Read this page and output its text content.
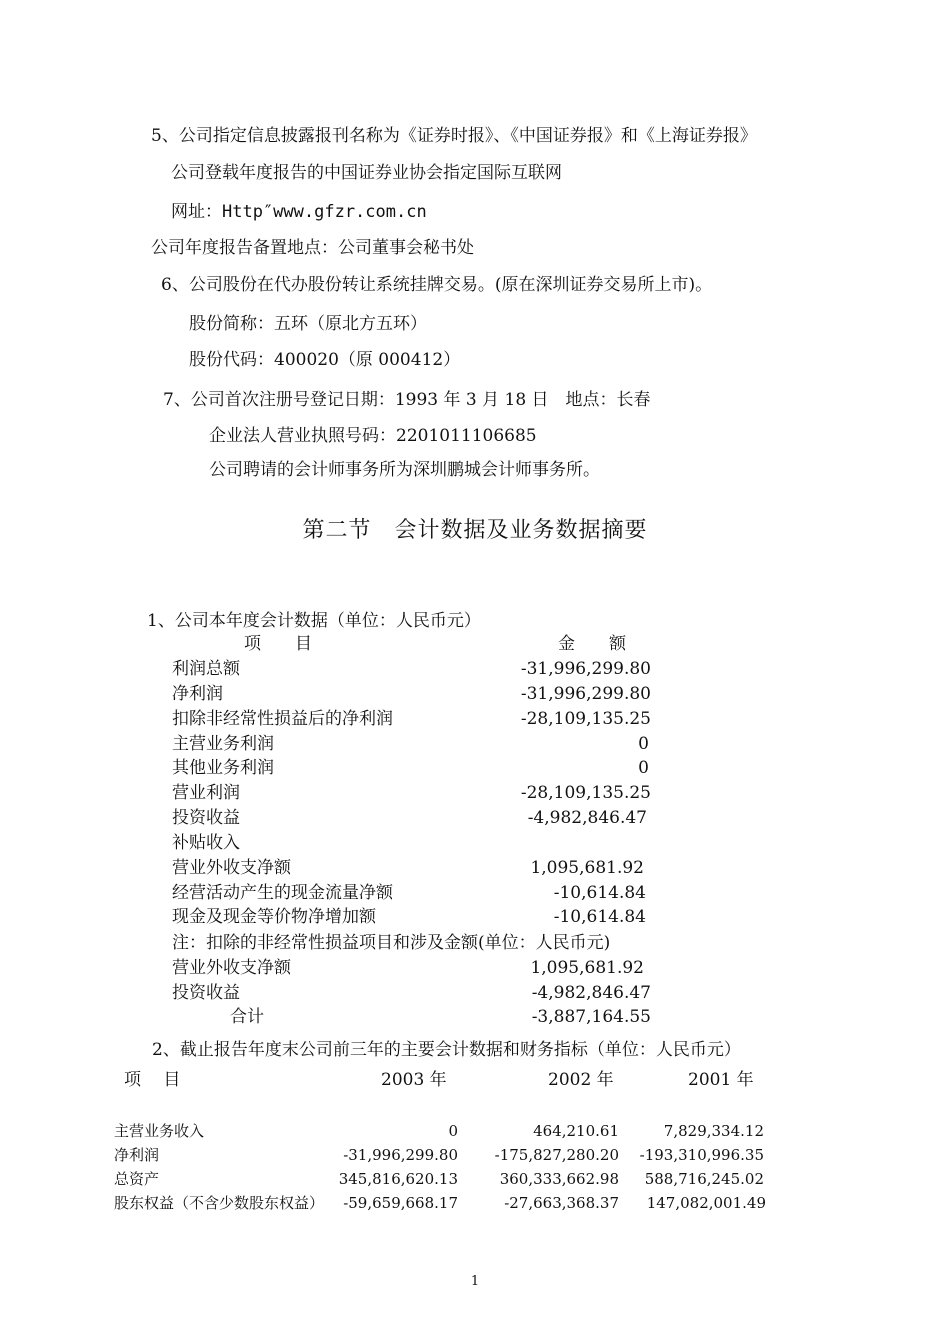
5、公司指定信息披露报刊名称为《证券时报》、《中国证券报》和《上海证券报》
公司登载年度报告的中国证券业协会指定国际互联网
网址：Http″www.gfzr.com.cn
公司年度报告备置地点：公司董事会秘书处
6、公司股份在代办股份转让系统挂牌交易。(原在深圳证券交易所上市)。
股份简称：五环（原北方五环）
股份代码：400020（原 000412）
7、公司首次注册号登记日期：1993 年 3 月 18 日　地点：长春
企业法人营业执照号码：2201011106685
公司聘请的会计师事务所为深圳鹏城会计师事务所。
第二节　会计数据及业务数据摘要
1、公司本年度会计数据（单位：人民币元）
项　　目	金　　额
利润总额	-31,996,299.80
净利润	-31,996,299.80
扣除非经常性损益后的净利润	-28,109,135.25
主营业务利润	0
其他业务利润	0
营业利润	-28,109,135.25
投资收益	-4,982,846.47
补贴收入
营业外收支净额	1,095,681.92
经营活动产生的现金流量净额	-10,614.84
现金及现金等价物净增加额	-10,614.84
注：扣除的非经常性损益项目和涉及金额(单位：人民币元)
营业外收支净额	1,095,681.92
投资收益	-4,982,846.47
合计	-3,887,164.55
2、截止报告年度末公司前三年的主要会计数据和财务指标（单位：人民币元）
项　 目	2003 年	2002 年	2001 年
主营业务收入	0	464,210.61	7,829,334.12
净利润	-31,996,299.80 -175,827,280.20 -193,310,996.35
总资产	345,816,620.13	360,333,662.98 588,716,245.02
股东权益（不含少数股东权益） -59,659,668.17	-27,663,368.37 147,082,001.49
1
